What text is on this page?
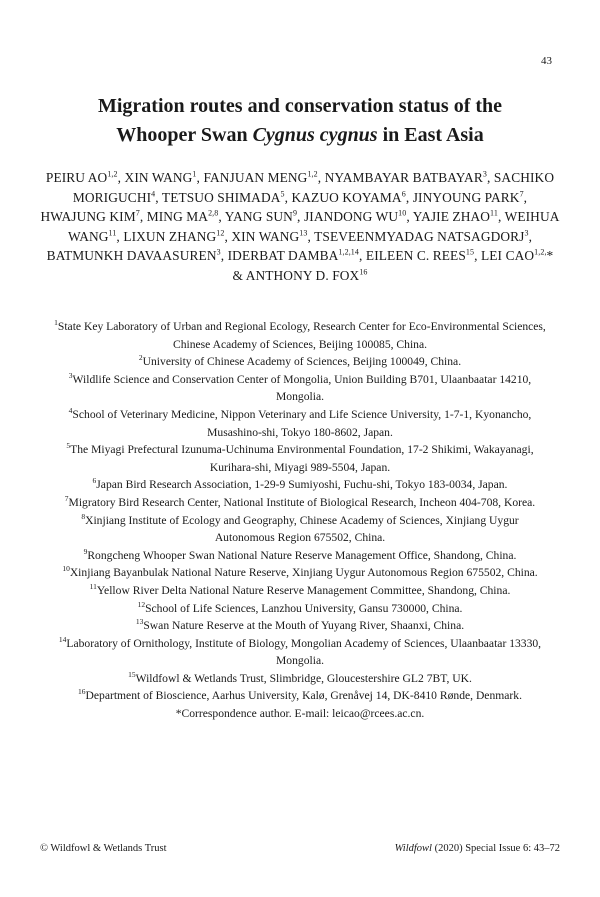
43
Migration routes and conservation status of the
Whooper Swan Cygnus cygnus in East Asia
PEIRU AO$^{1,2}$, XIN WANG$^1$, FANJUAN MENG$^{1,2}$, NYAMBAYAR BATBAYAR$^3$, SACHIKO MORIGUCHI$^4$, TETSUO SHIMADA$^5$, KAZUO KOYAMA$^6$, JINYOUNG PARK$^7$, HWAJUNG KIM$^7$, MING MA$^{2,8}$, YANG SUN$^9$, JIANDONG WU$^{10}$, YAJIE ZHAO$^{11}$, WEIHUA WANG$^{11}$, LIXUN ZHANG$^{12}$, XIN WANG$^{13}$, TSEVEENMYADAG NATSAGDORJ$^3$, BATMUNKH DAVAASUREN$^3$, IDERBAT DAMBA$^{1,2,14}$, EILEEN C. REES$^{15}$, LEI $CAO^{1,2,}*$ & ANTHONY D. FOX$^{16}$

$^1$State Key Laboratory of Urban and Regional Ecology, Research Center for Eco-Environmental Sciences, Chinese Academy of Sciences, Beijing 100085, China.

$^2$University of Chinese Academy of Sciences, Beijing 100049, China.

$^3$Wildlife Science and Conservation Center of Mongolia, Union Building B701, Ulaanbaatar 14210, Mongolia.

$^4$School of Veterinary Medicine, Nippon Veterinary and Life Science University, 1-7-1, Kyonancho, Musashino-shi, Tokyo 180-8602, Japan.

$^5$The Miyagi Prefectural Izunuma-Uchinuma Environmental Foundation, 17-2 Shikimi, Wakayanagi, Kurihara-shi, Miyagi 989-5504, Japan.

$^6$Japan Bird Research Association, 1-29-9 Sumiyoshi, Fuchu-shi, Tokyo 183-0034, Japan.

$^7$Migratory Bird Research Center, National Institute of Biological Research, Incheon 404-708, Korea.

$^8$Xinjiang Institute of Ecology and Geography, Chinese Academy of Sciences, Xinjiang Uygur Autonomous Region 675502, China.

$^9$Rongcheng Whooper Swan National Nature Reserve Management Office, Shandong, China.

$^{10}$Xinjiang Bayanbulak National Nature Reserve, Xinjiang Uygur Autonomous Region 675502, China.

$^{11}$Yellow River Delta National Nature Reserve Management Committee, Shandong, China.

$^{12}$School of Life Sciences, Lanzhou University, Gansu 730000, China.

$^{13}$Swan Nature Reserve at the Mouth of Yuyang River, Shaanxi, China.

$^{14}$Laboratory of Ornithology, Institute of Biology, Mongolian Academy of Sciences, Ulaanbaatar 13330, Mongolia.

$^{15}$Wildfowl & Wetlands Trust, Slimbridge, Gloucestershire GL2 7BT, UK.

$^{16}$Department of Bioscience, Aarhus University, Kalø, Grenåvej 14, DK-8410 Rønde, Denmark.

*Correspondence author. E-mail: leicao@rcees.ac.cn.

© Wildfowl & Wetlands Trust	Wildfowl (2020) Special Issue 6: 43–72
